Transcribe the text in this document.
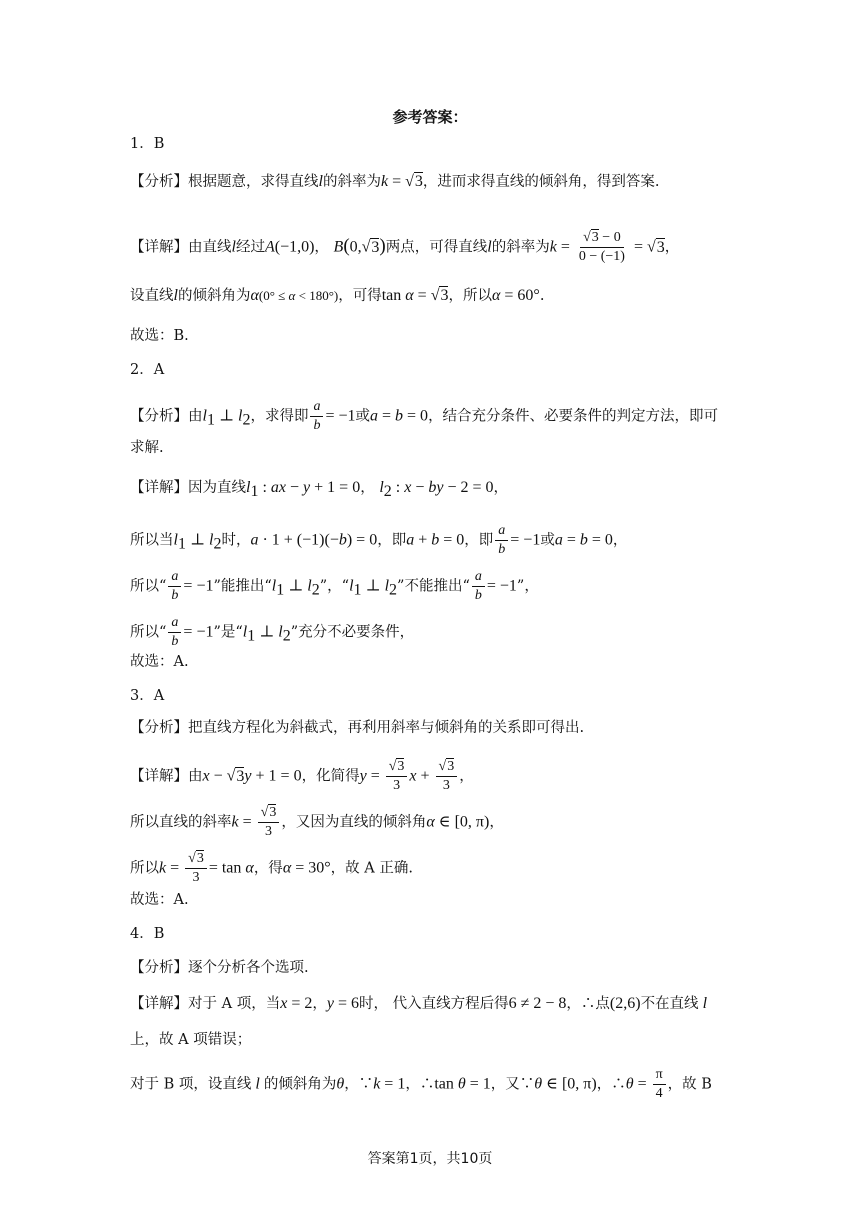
参考答案：
1．B
【分析】根据题意，求得直线l的斜率为k = √3，进而求得直线的倾斜角，得到答案.
【详解】由直线l经过A(−1,0)， B(0,√3)两点，可得直线l的斜率为$k = \frac{√3 - 0}{0 - (-1)} = √3$，
设直线l的倾斜角为α(0° ≤ α < 180°)，可得tan α = √3，所以α = 60°.
故选：B.
2．A
【分析】由$l_1$ ⊥ $l_2$，求得即 $\frac{a}{b} = -1$或a = b = 0，结合充分条件、必要条件的判定方法，即可
求解.
【详解】因为直线$l_1$ : ax − y + 1 = 0， $l_2$ : x − by − 2 = 0，
所以当$l_1$ ⊥ $l_2$时，a · 1 + (−1)(−b) = 0，即a + b = 0，即 $\frac{a}{b} = -1$或a = b = 0，
所以“ $\frac{a}{b} = -1$”能推出“$l_1$ ⊥ $l_2$”，“$l_1$ ⊥ $l_2$”不能推出“ $\frac{a}{b} = -1$”，
所以“ $\frac{a}{b} = -1$”是“$l_1$ ⊥ $l_2$”充分不必要条件，
故选：A.
3．A
【分析】把直线方程化为斜截式，再利用斜率与倾斜角的关系即可得出.
【详解】由x − √3y + 1 = 0，化简得$y = \frac{√3}{3}$ $x + \frac{√3}{3}$ ，
所以直线的斜率$k = \frac{√3}{3}$ ，又因为直线的倾斜角α ∈ [0, π)，
所以$k = \frac{√3}{3} = \tan \alpha$，得α = 30°，故 A 正确.
故选：A.
4．B
【分析】逐个分析各个选项.
【详解】对于 A 项，当x = 2，y = 6时， 代入直线方程后得6 ≠ 2 − 8，∴点(2,6)不在直线 l
上，故 A 项错误；
对于 B 项，设直线 l 的倾斜角为θ，∵k = 1，∴tan θ = 1，又∵θ ∈ [0, π)，∴θ = $\frac{\pi}{4}$ ，故 B
答案第1页，共10页
